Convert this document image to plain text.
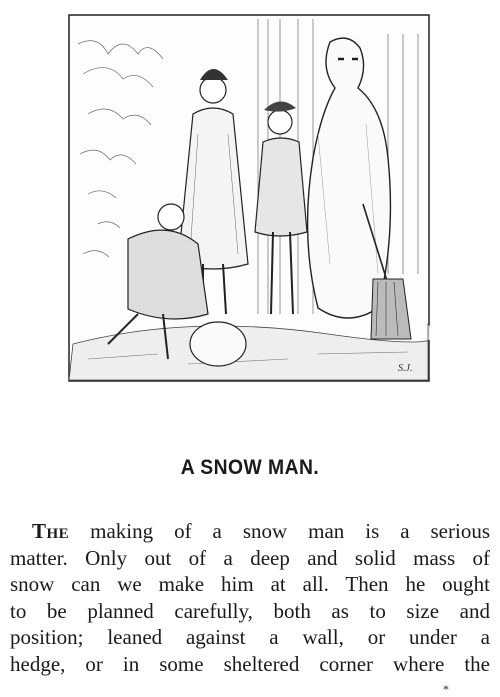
S.J.
A SNOW MAN.
The making of a snow man is a serious
matter. Only out of a deep and solid mass of
snow can we make him at all. Then he ought
to be planned carefully, both as to size and
position; leaned against a wall, or under a
hedge, or in some sheltered corner where the
*
